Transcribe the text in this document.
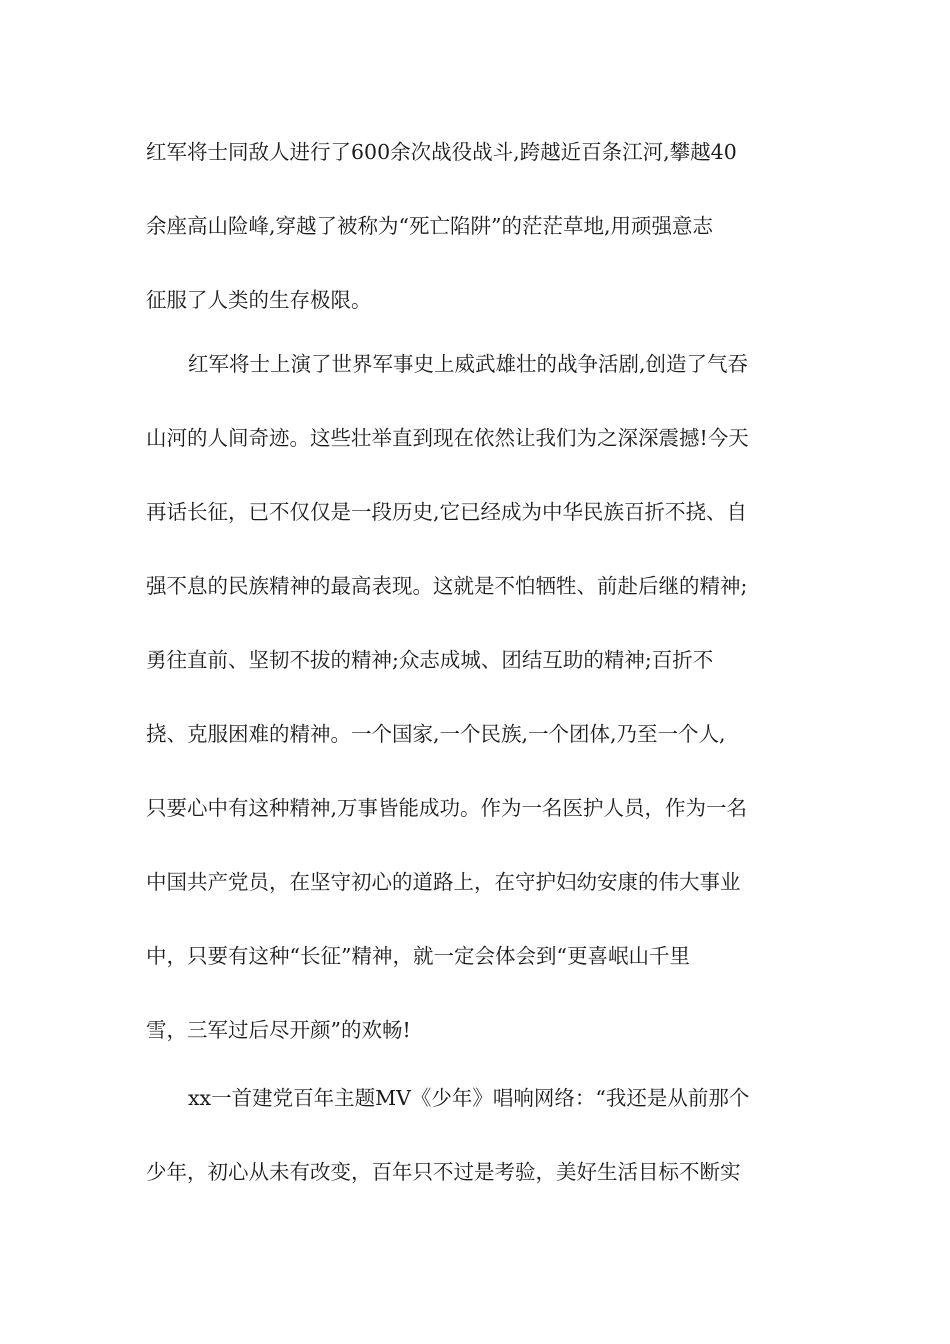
红军将士同敌人进行了600余次战役战斗,跨越近百条江河,攀越40
余座高山险峰,穿越了被称为“死亡陷阱”的茫茫草地,用顽强意志
征服了人类的生存极限。
红军将士上演了世界军事史上威武雄壮的战争活剧,创造了气吞
山河的人间奇迹。这些壮举直到现在依然让我们为之深深震撼!今天
再话长征，已不仅仅是一段历史,它已经成为中华民族百折不挠、自
强不息的民族精神的最高表现。这就是不怕牺牲、前赴后继的精神;
勇往直前、坚韧不拔的精神;众志成城、团结互助的精神;百折不
挠、克服困难的精神。一个国家,一个民族,一个团体,乃至一个人,
只要心中有这种精神,万事皆能成功。作为一名医护人员，作为一名
中国共产党员，在坚守初心的道路上，在守护妇幼安康的伟大事业
中，只要有这种“长征”精神，就一定会体会到“更喜岷山千里
雪，三军过后尽开颜”的欢畅!
xx一首建党百年主题MV《少年》唱响网络：“我还是从前那个
少年，初心从未有改变，百年只不过是考验，美好生活目标不断实
